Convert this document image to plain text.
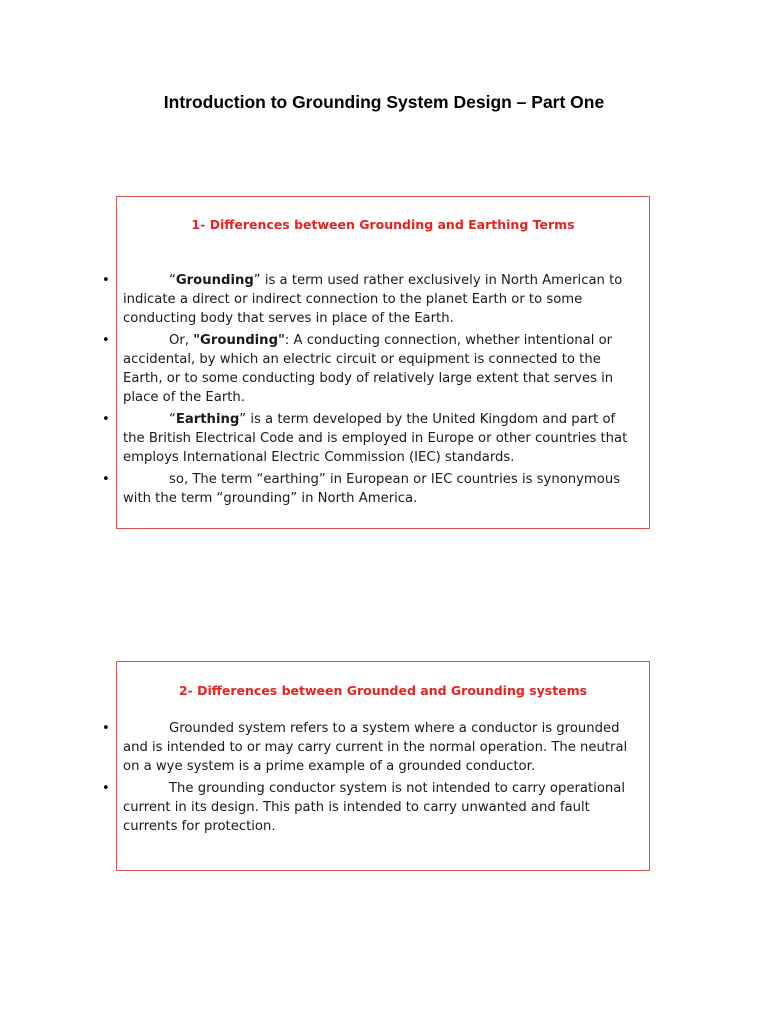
Introduction to Grounding System Design – Part One
1- Differences between Grounding and Earthing Terms
•	“Grounding” is a term used rather exclusively in North American to indicate a direct or indirect connection to the planet Earth or to some conducting body that serves in place of the Earth.
•	Or, "Grounding": A conducting connection, whether intentional or accidental, by which an electric circuit or equipment is connected to the Earth, or to some conducting body of relatively large extent that serves in place of the Earth.
•	“Earthing” is a term developed by the United Kingdom and part of the British Electrical Code and is employed in Europe or other countries that employs International Electric Commission (IEC) standards.
•	so, The term “earthing” in European or IEC countries is synonymous with the term “grounding” in North America.
2- Differences between Grounded and Grounding systems
•	Grounded system refers to a system where a conductor is grounded and is intended to or may carry current in the normal operation. The neutral on a wye system is a prime example of a grounded conductor.
•	The grounding conductor system is not intended to carry operational current in its design. This path is intended to carry unwanted and fault currents for protection.
